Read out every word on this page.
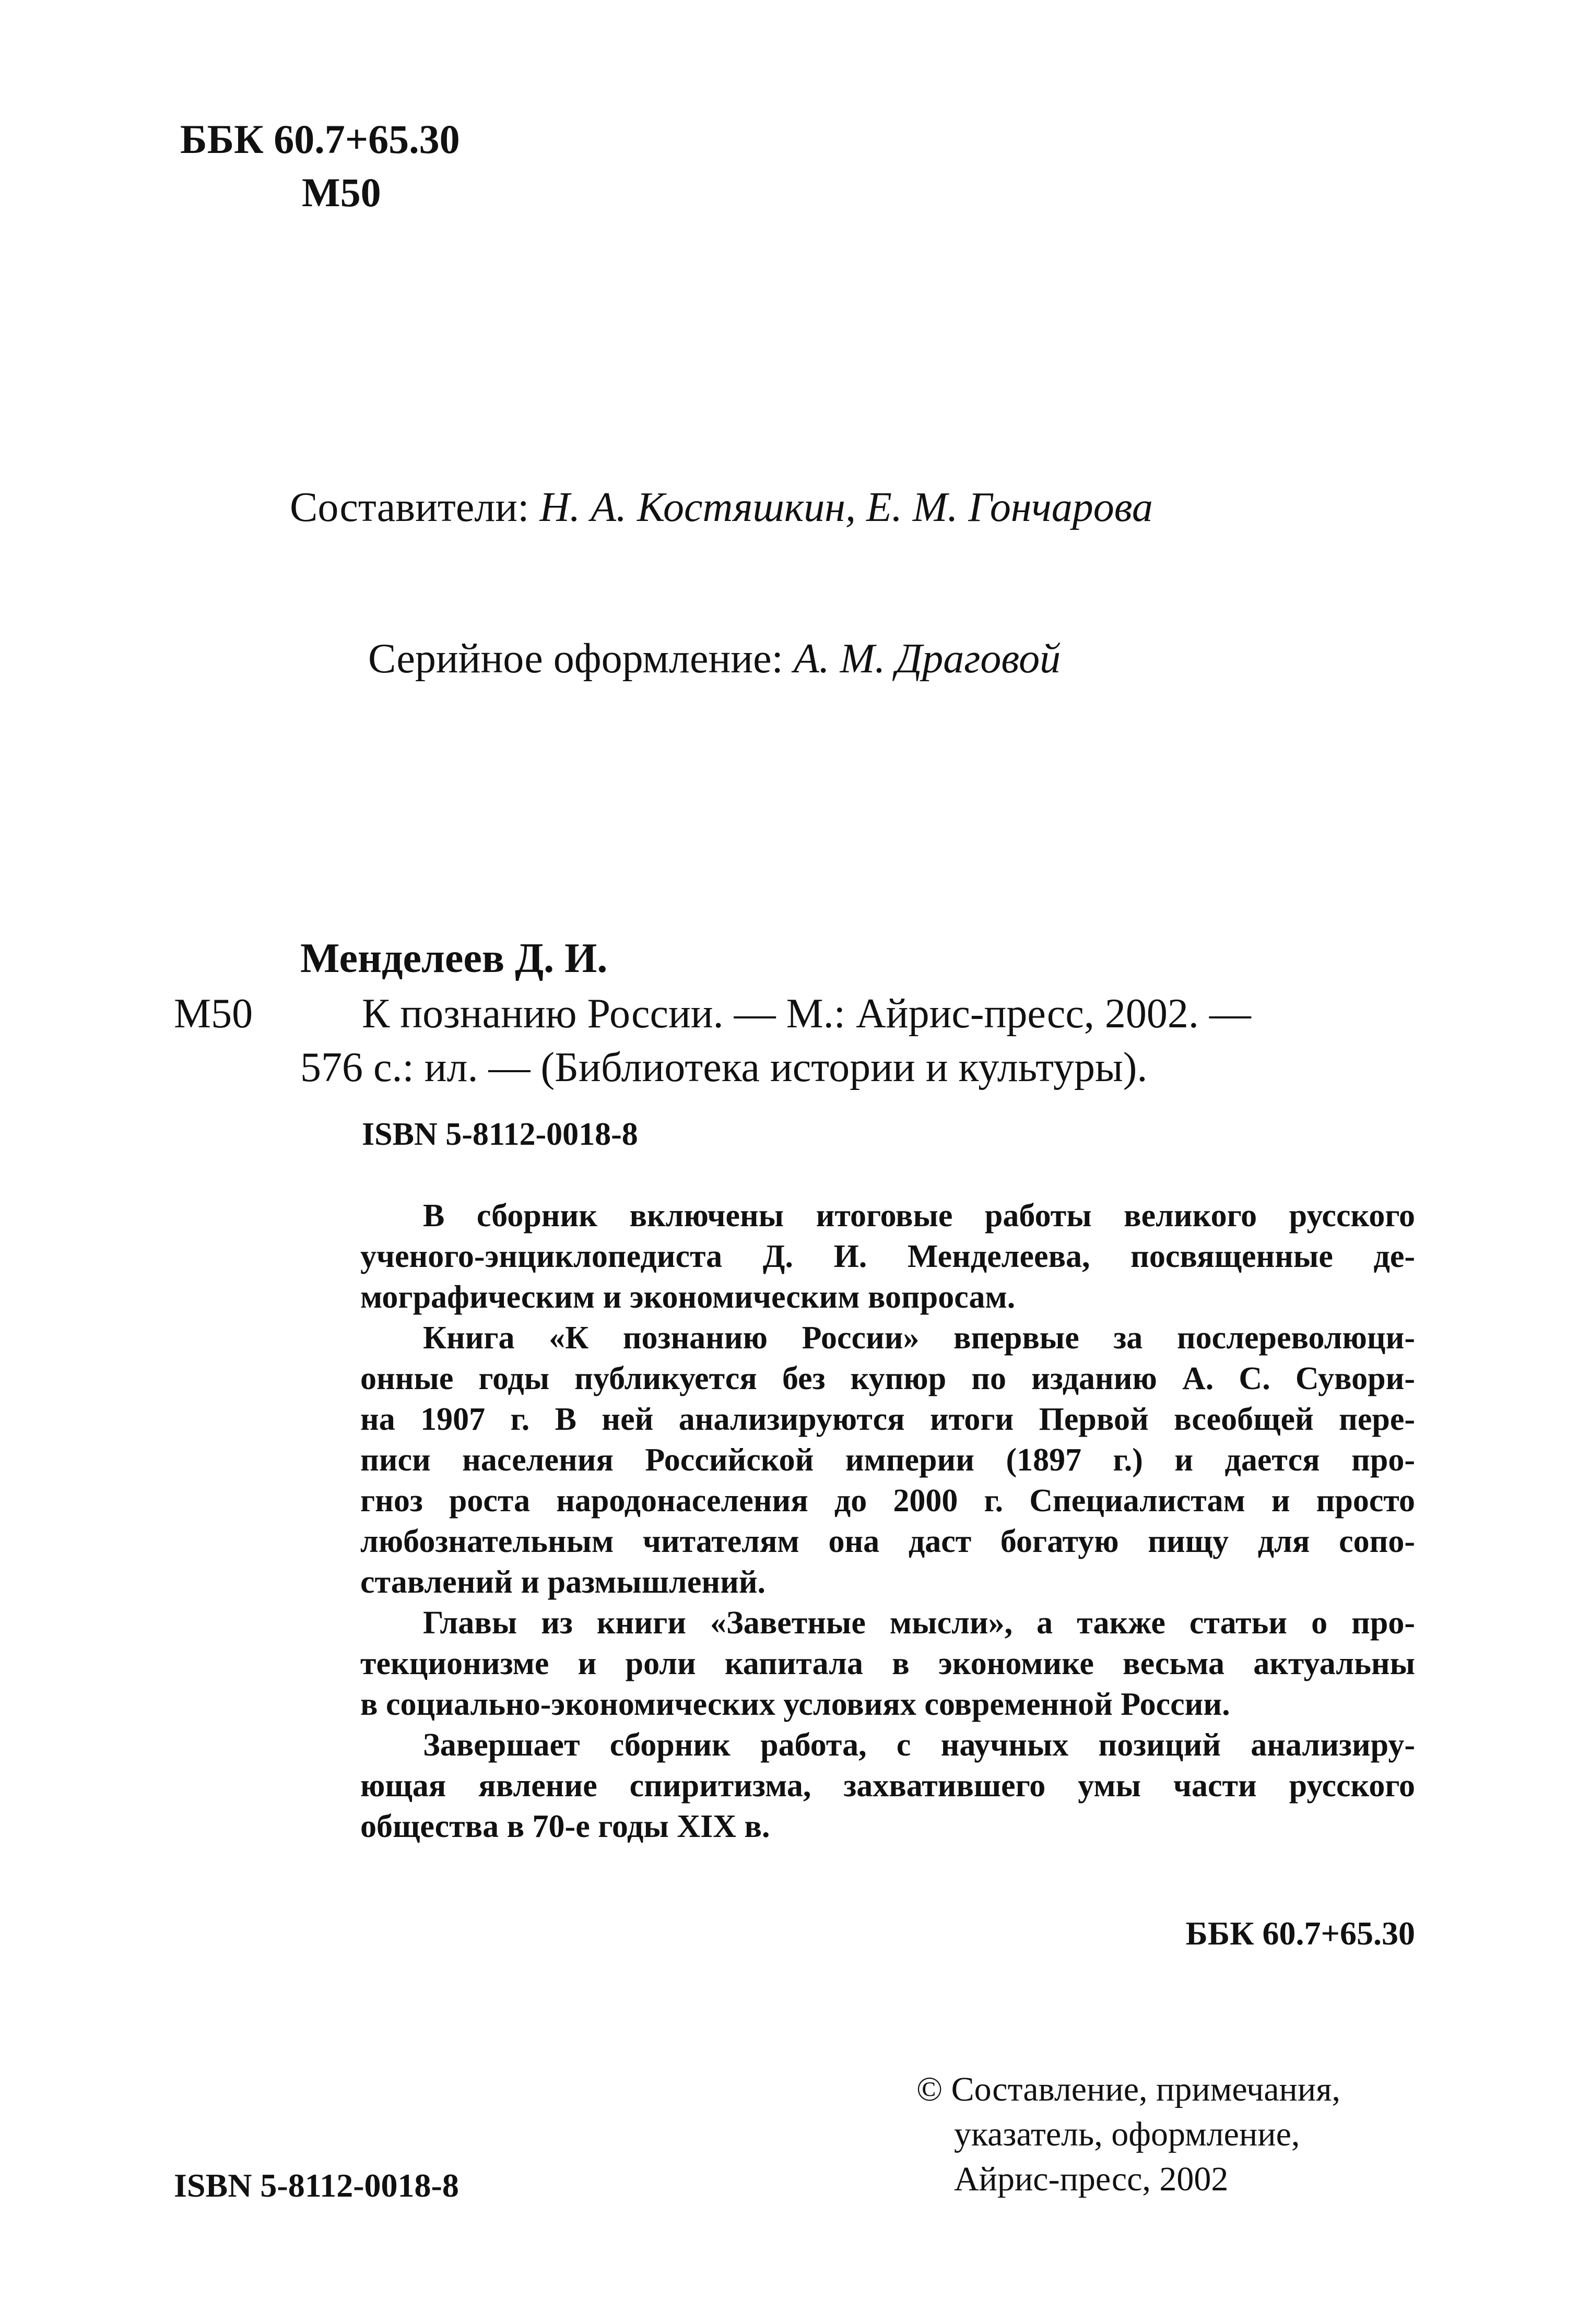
ББК 60.7+65.30
М50
Составители: Н. А. Костяшкин, Е. М. Гончарова
Серийное оформление: А. М. Драговой
Менделеев Д. И.
М50	К познанию России. — М.: Айрис-пресс, 2002. —
576 с.: ил. — (Библиотека истории и культуры).
ISBN 5-8112-0018-8
В сборник включены итоговые работы великого русского
ученого-энциклопедиста Д. И. Менделеева, посвященные де-
мографическим и экономическим вопросам.
Книга «К познанию России» впервые за послереволюци-
онные годы публикуется без купюр по изданию А. С. Сувори-
на 1907 г. В ней анализируются итоги Первой всеобщей пере-
писи населения Российской империи (1897 г.) и дается про-
гноз роста народонаселения до 2000 г. Специалистам и просто
любознательным читателям она даст богатую пищу для сопо-
ставлений и размышлений.
Главы из книги «Заветные мысли», а также статьи о про-
текционизме и роли капитала в экономике весьма актуальны
в социально-экономических условиях современной России.
Завершает сборник работа, с научных позиций анализиру-
ющая явление спиритизма, захватившего умы части русского
общества в 70-е годы XIX в.
ББК 60.7+65.30
ISBN 5-8112-0018-8
© Составление, примечания,
указатель, оформление,
Айрис-пресс, 2002
